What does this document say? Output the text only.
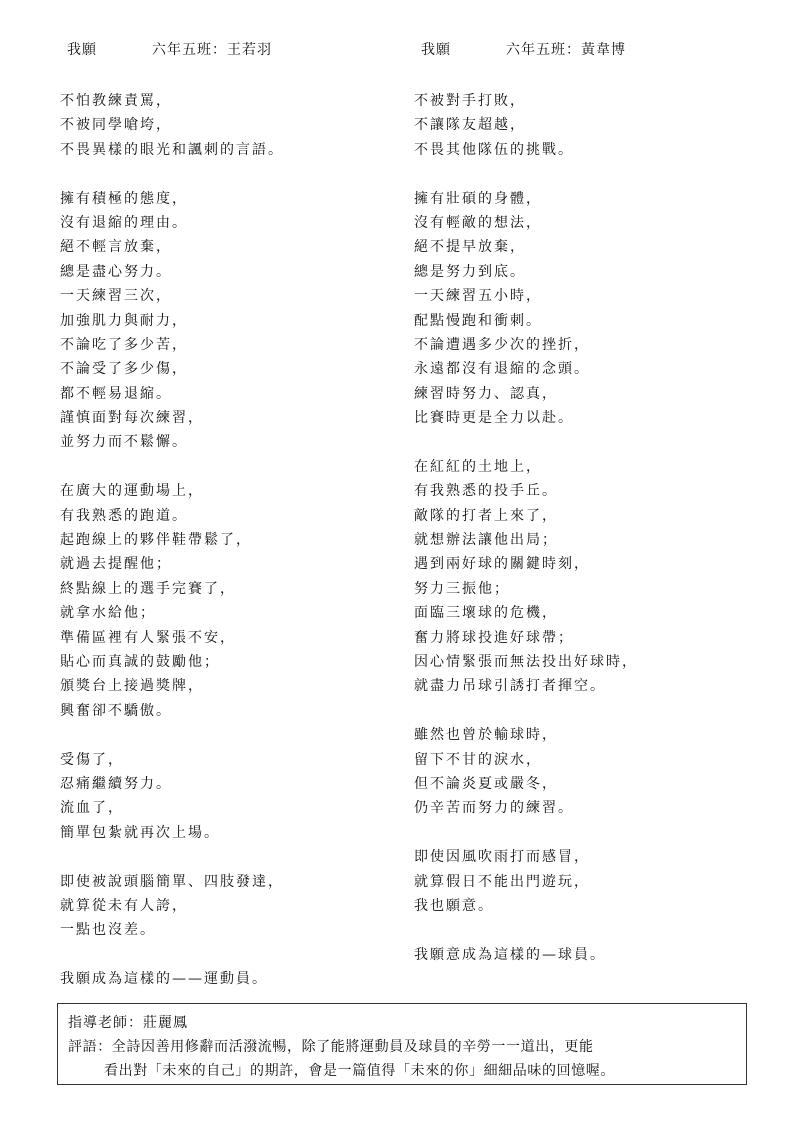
我願	六年五班：王若羽
不怕教練責罵，
不被同學嗆垮，
不畏異樣的眼光和諷刺的言語。
擁有積極的態度，
沒有退縮的理由。
絕不輕言放棄，
總是盡心努力。
一天練習三次，
加強肌力與耐力，
不論吃了多少苦，
不論受了多少傷，
都不輕易退縮。
謹慎面對每次練習，
並努力而不鬆懈。
在廣大的運動場上，
有我熟悉的跑道。
起跑線上的夥伴鞋帶鬆了，
就過去提醒他；
終點線上的選手完賽了，
就拿水給他；
準備區裡有人緊張不安，
貼心而真誠的鼓勵他；
頒獎台上接過獎牌，
興奮卻不驕傲。
受傷了，
忍痛繼續努力。
流血了，
簡單包紮就再次上場。
即使被說頭腦簡單、四肢發達，
就算從未有人誇，
一點也沒差。
我願成為這樣的——運動員。
我願	六年五班：黃韋博
不被對手打敗，
不讓隊友超越，
不畏其他隊伍的挑戰。
擁有壯碩的身體，
沒有輕敵的想法，
絕不提早放棄，
總是努力到底。
一天練習五小時，
配點慢跑和衝刺。
不論遭遇多少次的挫折，
永遠都沒有退縮的念頭。
練習時努力、認真，
比賽時更是全力以赴。
在紅紅的土地上，
有我熟悉的投手丘。
敵隊的打者上來了，
就想辦法讓他出局；
遇到兩好球的關鍵時刻，
努力三振他；
面臨三壞球的危機，
奮力將球投進好球帶；
因心情緊張而無法投出好球時，
就盡力吊球引誘打者揮空。
雖然也曾於輸球時，
留下不甘的淚水，
但不論炎夏或嚴冬，
仍辛苦而努力的練習。
即使因風吹雨打而感冒，
就算假日不能出門遊玩，
我也願意。
我願意成為這樣的—球員。
指導老師：莊麗鳳
評語：全詩因善用修辭而活潑流暢，除了能將運動員及球員的辛勞一一道出，更能
看出對「未來的自己」的期許，會是一篇值得「未來的你」細細品味的回憶喔。
